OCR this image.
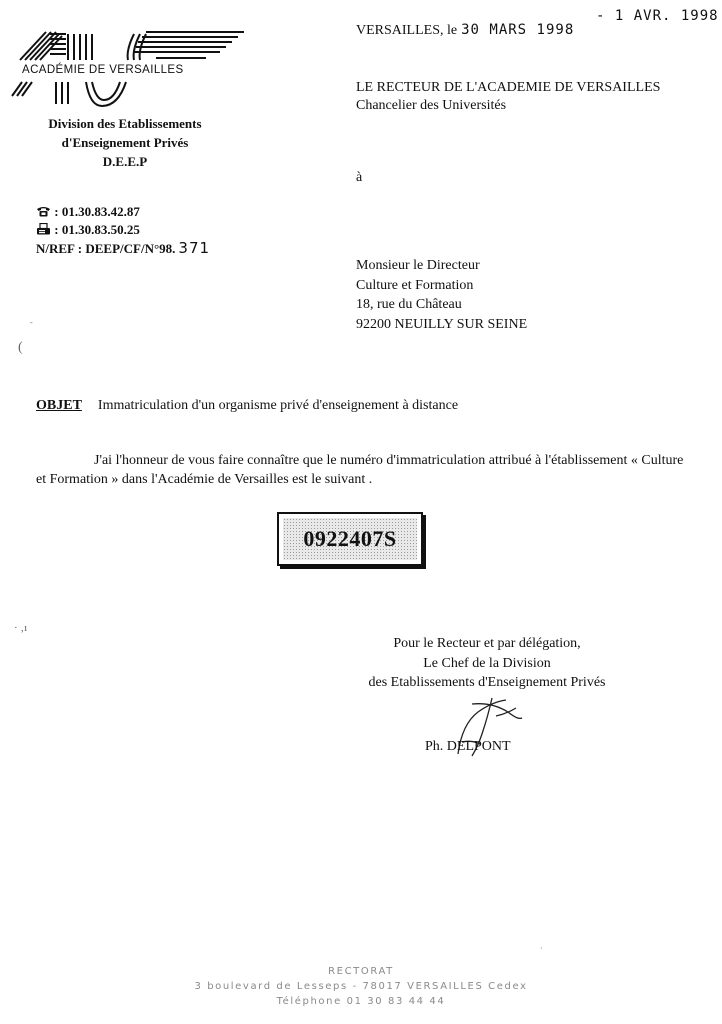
ACADÉMIE DE VERSAILLES
Division des Etablissements
d'Enseignement Privés
D.E.E.P
: 01.30.83.42.87
: 01.30.83.50.25
N/REF : DEEP/CF/N°98. 371
VERSAILLES, le 30 MARS 1998
- 1 AVR. 1998
LE RECTEUR DE L'ACADEMIE DE VERSAILLES
Chancelier des Universités
à
Monsieur le Directeur
Culture et Formation
18, rue du Château
92200 NEUILLY SUR SEINE
(
-
· ‚ı
OBJET Immatriculation d'un organisme privé d'enseignement à distance
J'ai l'honneur de vous faire connaître que le numéro d'immatriculation attribué à l'établissement « Culture et Formation » dans l'Académie de Versailles est le suivant .
0922407S
Pour le Recteur et par délégation,
Le Chef de la Division
des Etablissements d'Enseignement Privés
Ph. DELPONT
·
RECTORAT
3 boulevard de Lesseps - 78017 VERSAILLES Cedex
Téléphone 01 30 83 44 44
